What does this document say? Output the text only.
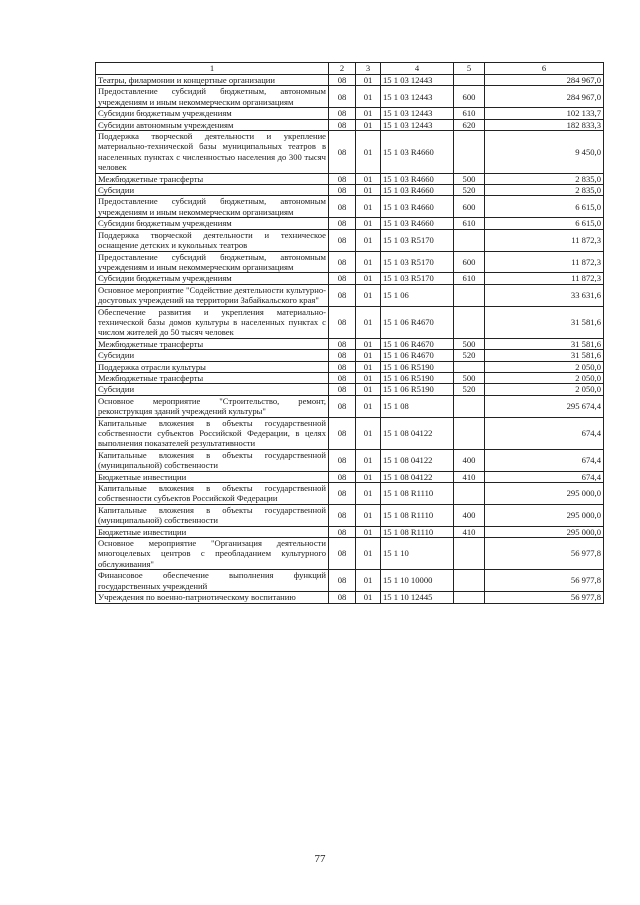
1	2	3	4	5	6
Театры, филармонии и концертные организации	08	01	15 1 03 12443		284 967,0
Предоставление субсидий бюджетным, автономным учреждениям и иным некоммерческим организациям	08	01	15 1 03 12443	600	284 967,0
Субсидии бюджетным учреждениям	08	01	15 1 03 12443	610	102 133,7
Субсидии автономным учреждениям	08	01	15 1 03 12443	620	182 833,3
Поддержка творческой деятельности и укрепление материально-технической базы муниципальных театров в населенных пунктах с численностью населения до 300 тысяч человек	08	01	15 1 03 R4660		9 450,0
Межбюджетные трансферты	08	01	15 1 03 R4660	500	2 835,0
Субсидии	08	01	15 1 03 R4660	520	2 835,0
Предоставление субсидий бюджетным, автономным учреждениям и иным некоммерческим организациям	08	01	15 1 03 R4660	600	6 615,0
Субсидии бюджетным учреждениям	08	01	15 1 03 R4660	610	6 615,0
Поддержка творческой деятельности и техническое оснащение детских и кукольных театров	08	01	15 1 03 R5170		11 872,3
Предоставление субсидий бюджетным, автономным учреждениям и иным некоммерческим организациям	08	01	15 1 03 R5170	600	11 872,3
Субсидии бюджетным учреждениям	08	01	15 1 03 R5170	610	11 872,3
Основное мероприятие "Содействие деятельности культурно-досуговых учреждений на территории Забайкальского края"	08	01	15 1 06		33 631,6
Обеспечение развития и укрепления материально-технической базы домов культуры в населенных пунктах с числом жителей до 50 тысяч человек	08	01	15 1 06 R4670		31 581,6
Межбюджетные трансферты	08	01	15 1 06 R4670	500	31 581,6
Субсидии	08	01	15 1 06 R4670	520	31 581,6
Поддержка отрасли культуры	08	01	15 1 06 R5190		2 050,0
Межбюджетные трансферты	08	01	15 1 06 R5190	500	2 050,0
Субсидии	08	01	15 1 06 R5190	520	2 050,0
Основное мероприятие "Строительство, ремонт, реконструкция зданий учреждений культуры"	08	01	15 1 08		295 674,4
Капитальные вложения в объекты государственной собственности субъектов Российской Федерации, в целях выполнения показателей результативности	08	01	15 1 08 04122		674,4
Капитальные вложения в объекты государственной (муниципальной) собственности	08	01	15 1 08 04122	400	674,4
Бюджетные инвестиции	08	01	15 1 08 04122	410	674,4
Капитальные вложения в объекты государственной собственности субъектов Российской Федерации	08	01	15 1 08 R1110		295 000,0
Капитальные вложения в объекты государственной (муниципальной) собственности	08	01	15 1 08 R1110	400	295 000,0
Бюджетные инвестиции	08	01	15 1 08 R1110	410	295 000,0
Основное мероприятие "Организация деятельности многоцелевых центров с преобладанием культурного обслуживания"	08	01	15 1 10		56 977,8
Финансовое обеспечение выполнения функций государственных учреждений	08	01	15 1 10 10000		56 977,8
Учреждения по военно-патриотическому воспитанию	08	01	15 1 10 12445		56 977,8
77
